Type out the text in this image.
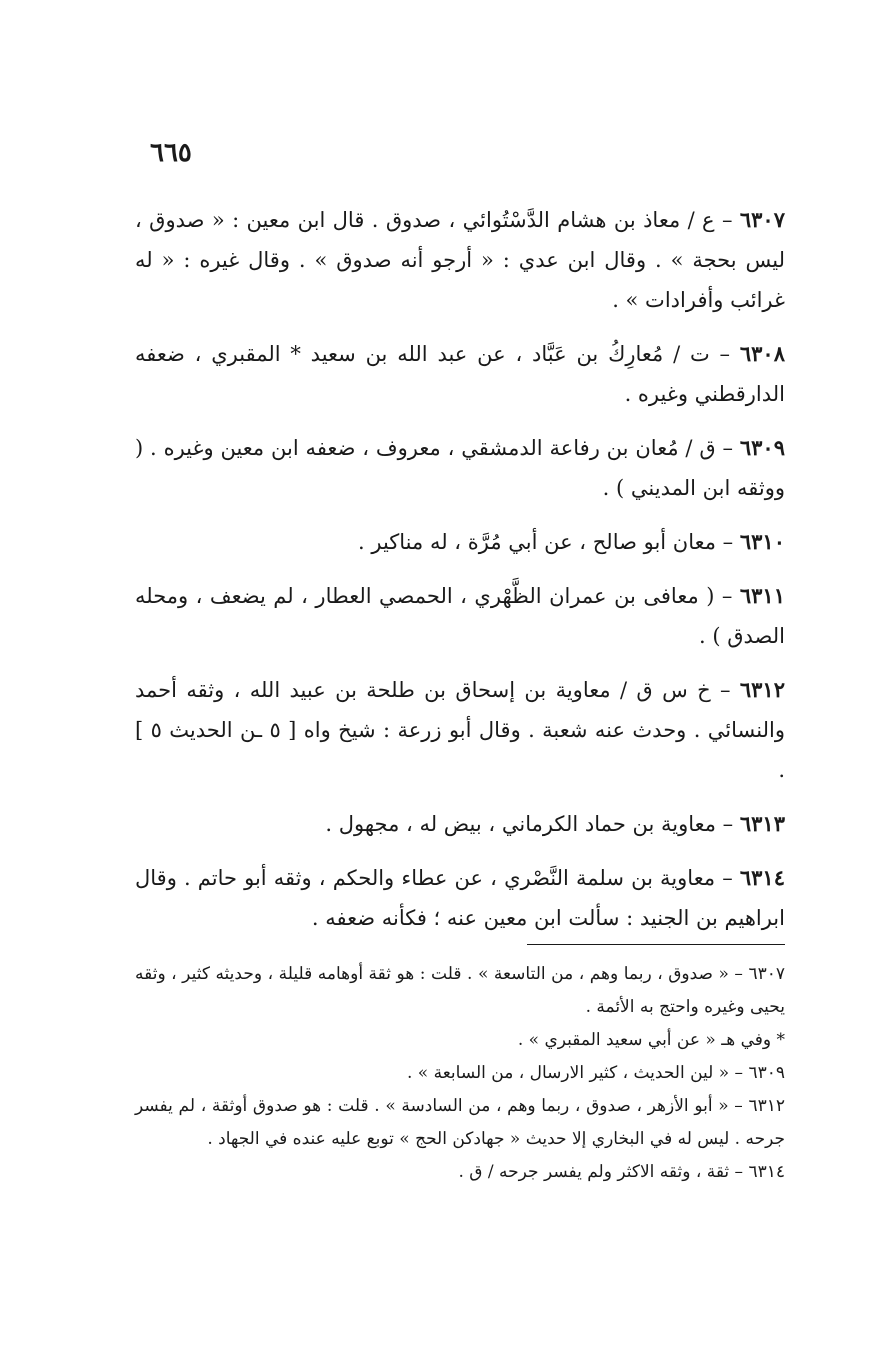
٦٦٥

٦٣٠٧ – ع / معاذ بن هشام الدَّسْتُوائي ، صدوق . قال ابن معين : « صدوق ، ليس بحجة » . وقال ابن عدي : « أرجو أنه صدوق » . وقال غيره : « له غرائب وأفرادات » .

٦٣٠٨ – ت / مُعارِكُ بن عَبَّاد ، عن عبد الله بن سعيد * المقبري ، ضعفه الدارقطني وغيره .

٦٣٠٩ – ق / مُعان بن رفاعة الدمشقي ، معروف ، ضعفه ابن معين وغيره . ( ووثقه ابن المديني ) .

٦٣١٠ – معان أبو صالح ، عن أبي مُرَّة ، له مناكير .

٦٣١١ – ( معافى بن عمران الظَّهْري ، الحمصي العطار ، لم يضعف ، ومحله الصدق ) .

٦٣١٢ – خ س ق / معاوية بن إسحاق بن طلحة بن عبيد الله ، وثقه أحمد والنسائي . وحدث عنه شعبة . وقال أبو زرعة : شيخ واه [ ٥ ـن الحديث ٥ ] .

٦٣١٣ – معاوية بن حماد الكرماني ، بيض له ، مجهول .

٦٣١٤ – معاوية بن سلمة النَّصْري ، عن عطاء والحكم ، وثقه أبو حاتم . وقال ابراهيم بن الجنيد : سألت ابن معين عنه ؛ فكأنه ضعفه .

٦٣٠٧ – « صدوق ، ربما وهم ، من التاسعة » . قلت : هو ثقة أوهامه قليلة ، وحديثه كثير ، وثقه يحيى وغيره واحتج به الأئمة .

* وفي هـ « عن أبي سعيد المقبري » .

٦٣٠٩ – « لين الحديث ، كثير الارسال ، من السابعة » .

٦٣١٢ – « أبو الأزهر ، صدوق ، ربما وهم ، من السادسة » . قلت : هو صدوق أوثقة ، لم يفسر جرحه . ليس له في البخاري إلا حديث « جهادكن الحج » توبع عليه عنده في الجهاد .

٦٣١٤ – ثقة ، وثقه الاكثر ولم يفسر جرحه / ق .
